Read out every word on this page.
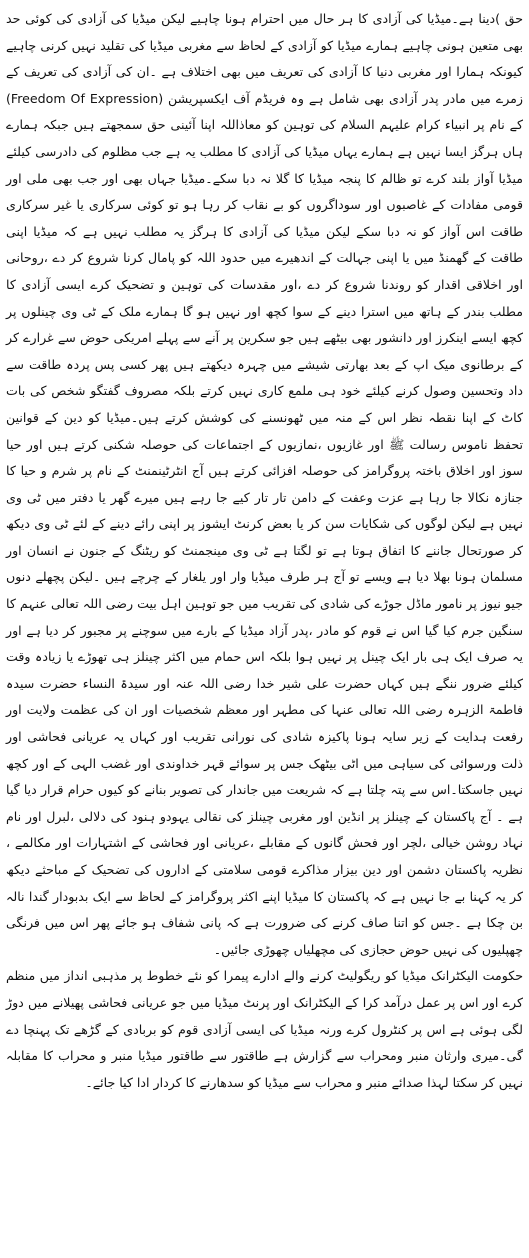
حق )دینا ہے۔میڈیا کی آزادی کا ہر حال میں احترام ہونا چاہیے لیکن میڈیا کی آزادی کی کوئی حد بھی متعین ہونی چاہیے ہمارے میڈیا کو آزادی کے لحاظ سے مغربی میڈیا کی تقلید نہیں کرنی چاہیے کیونکہ ہمارا اور مغربی دنیا کا آزادی کی تعریف میں بھی اختلاف ہے ۔ان کی آزادی کی تعریف کے زمرے میں مادر پدر آزادی بھی شامل ہے وہ فریڈم آف ایکسپریشن (Freedom Of Expression) کے نام پر انبیاء کرام علیہم السلام کی توہین کو معاذاللہ اپنا آئینی حق سمجھتے ہیں جبکہ ہمارے ہاں ہرگز ایسا نہیں ہے ہمارے یہاں میڈیا کی آزادی کا مطلب یہ ہے جب مظلوم کی دادرسی کیلئے میڈیا آواز بلند کرے تو ظالم کا پنجہ میڈیا کا گلا نہ دبا سکے۔میڈیا جہاں بھی اور جب بھی ملی اور قومی مفادات کے غاصبوں اور سوداگروں کو بے نقاب کر رہا ہو تو کوئی سرکاری یا غیر سرکاری طاقت اس آواز کو نہ دبا سکے لیکن میڈیا کی آزادی کا ہرگز یہ مطلب نہیں ہے کہ میڈیا اپنی طاقت کے گھمنڈ میں یا اپنی جہالت کے اندھیرے میں حدود اللہ کو پامال کرنا شروع کر دے ،روحانی اور اخلاقی اقدار کو روندنا شروع کر دے ،اور مقدسات کی توہین و تضحیک کرے ایسی آزادی کا مطلب بندر کے ہاتھ میں استرا دینے کے سوا کچھ اور نہیں ہو گا ہمارے ملک کے ٹی وی چینلوں پر کچھ ایسے اینکرز اور دانشور بھی بیٹھے ہیں جو سکرین پر آنے سے پہلے امریکی حوض سے غرارے کر کے برطانوی میک اپ کے بعد بھارتی شیشے میں چہرہ دیکھتے ہیں پھر کسی پس پردہ طاقت سے داد وتحسین وصول کرنے کیلئے خود ہی ملمع کاری نہیں کرتے بلکہ مصروف گفتگو شخص کی بات کاٹ کے اپنا نقطہ نظر اس کے منہ میں ٹھونسنے کی کوشش کرتے ہیں۔میڈیا کو دین کے قوانین تحفظ ناموس رسالت ﷺ اور غازیوں ،نمازیوں کے اجتماعات کی حوصلہ شکنی کرتے ہیں اور حیا سوز اور اخلاق باختہ پروگرامز کی حوصلہ افزائی کرتے ہیں آج انٹرٹینمنٹ کے نام پر شرم و حیا کا جنازہ نکالا جا رہا ہے عزت وعفت کے دامن تار تار کیے جا رہے ہیں میرے گھر یا دفتر میں ٹی وی نہیں ہے لیکن لوگوں کی شکایات سن کر یا بعض کرنٹ ایشوز پر اپنی رائے دینے کے لئے ٹی وی دیکھ کر صورتحال جاننے کا اتفاق ہوتا ہے تو لگتا ہے ٹی وی مینجمنٹ کو ریٹنگ کے جنون نے انسان اور مسلمان ہونا بھلا دیا ہے ویسے تو آج ہر طرف میڈیا وار اور یلغار کے چرچے ہیں ۔لیکن پچھلے دنوں جیو نیوز پر نامور ماڈل جوڑے کی شادی کی تقریب میں جو توہین اہل بیت رضی اللہ تعالی عنہم کا سنگین جرم کیا گیا اس نے قوم کو مادر ،پدر آزاد میڈیا کے بارے میں سوچنے پر مجبور کر دیا ہے اور یہ صرف ایک ہی بار ایک چینل پر نہیں ہوا بلکہ اس حمام میں اکثر چینلز ہی تھوڑے یا زیادہ وقت کیلئے ضرور ننگے ہیں کہاں حضرت علی شیر خدا رضی اللہ عنہ اور سیدۃ النساء حضرت سیدہ فاطمۃ الزہرہ رضی اللہ تعالی عنہا کی مطہر اور معظم شخصیات اور ان کی عظمت ولایت اور رفعت ہدایت کے زیر سایہ ہونا پاکیزہ شادی کی نورانی تقریب اور کہاں یہ عریانی فحاشی اور ذلت ورسوائی کی سیاہی میں اٹی بیٹھک جس پر سوائے قہر خداوندی اور غضب الہی کے اور کچھ نہیں جاسکتا۔اس سے پتہ چلتا ہے کہ شریعت میں جاندار کی تصویر بنانے کو کیوں حرام قرار دیا گیا ہے ۔ آج پاکستان کے چینلز پر انڈین اور مغربی چینلز کی نقالی یہودو ہنود کی دلالی ،لبرل اور نام نہاد روشن خیالی ،لچر اور فحش گانوں کے مقابلے ،عریانی اور فحاشی کے اشتہارات اور مکالمے ، نظریہ پاکستان دشمن اور دین بیزار مذاکرے قومی سلامتی کے اداروں کی تضحیک کے مباحثے دیکھ کر یہ کہنا بے جا نہیں ہے کہ پاکستان کا میڈیا اپنے اکثر پروگرامز کے لحاظ سے ایک بدبودار گندا نالہ بن چکا ہے ۔جس کو اتنا صاف کرنے کی ضرورت ہے کہ پانی شفاف ہو جائے پھر اس میں فرنگی چھپلیوں کی نہیں حوض حجازی کی مچھلیاں چھوڑی جائیں۔

حکومت الیکٹرانک میڈیا کو ریگولیٹ کرنے والے ادارے پیمرا کو نئے خطوط پر مذہبی انداز میں منظم کرے اور اس پر عمل درآمد کرا کے الیکٹرانک اور پرنٹ میڈیا میں جو عریانی فحاشی پھیلانے میں دوڑ لگی ہوئی ہے اس پر کنٹرول کرے ورنہ میڈیا کی ایسی آزادی قوم کو بربادی کے گڑھے تک پہنچا دے گی۔میری وارثان منبر ومحراب سے گزارش ہے طاقتور سے طاقتور میڈیا منبر و محراب کا مقابلہ نہیں کر سکتا لہذا صدائے منبر و محراب سے میڈیا کو سدھارنے کا کردار ادا کیا جائے۔
